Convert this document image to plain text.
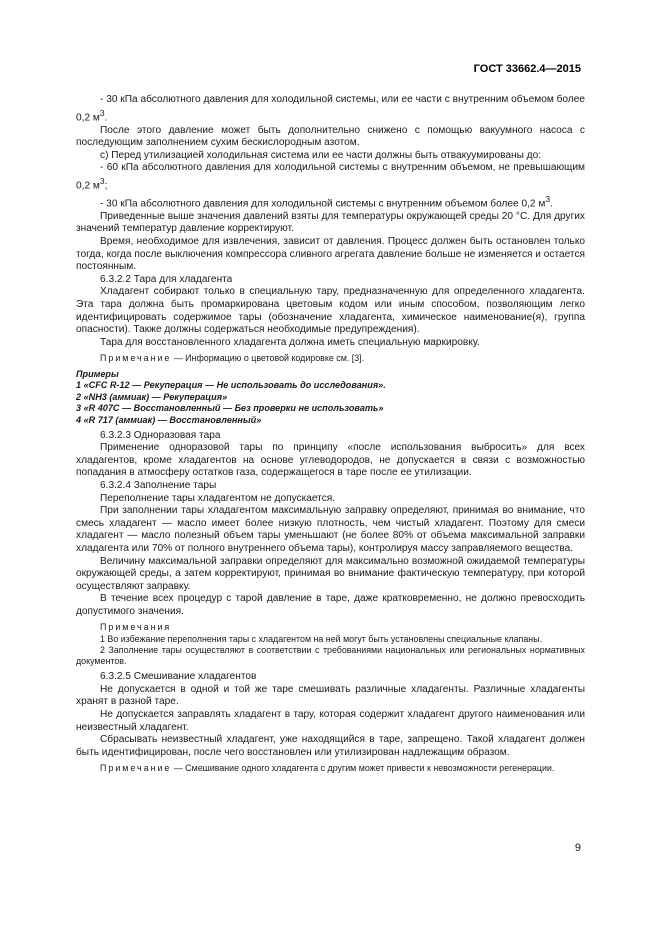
ГОСТ 33662.4—2015

- 30 кПа абсолютного давления для холодильной системы, или ее части с внутренним объемом более 0,2 $м^3$.

После этого давление может быть дополнительно снижено с помощью вакуумного насоса с последующим заполнением сухим бескислородным азотом.

с) Перед утилизацией холодильная система или ее части должны быть отвакуумированы до:

- 60 кПа абсолютного давления для холодильной системы с внутренним объемом, не превышающим 0,2 $м^3$;

- 30 кПа абсолютного давления для холодильной системы с внутренним объемом более 0,2 $м^3$.

Приведенные выше значения давлений взяты для температуры окружающей среды 20 °С. Для других значений температур давление корректируют.

Время, необходимое для извлечения, зависит от давления. Процесс должен быть остановлен только тогда, когда после выключения компрессора сливного агрегата давление больше не изменяется и остается постоянным.

6.3.2.2 Тара для хладагента

Хладагент собирают только в специальную тару, предназначенную для определенного хладагента. Эта тара должна быть промаркирована цветовым кодом или иным способом, позволяющим легко идентифицировать содержимое тары (обозначение хладагента, химическое наименование(я), группа опасности). Также должны содержаться необходимые предупреждения).

Тара для восстановленного хладагента должна иметь специальную маркировку.

Примечание — Информацию о цветовой кодировке см. [3].

Примеры
1 «CFC R-12 — Рекуперация — Не использовать до исследования».
2 «NH3 (аммиак) — Рекуперация»
3 «R 407C — Восстановленный — Без проверки не использовать»
4 «R 717 (аммиак) — Восстановленный»

6.3.2.3 Одноразовая тара

Применение одноразовой тары по принципу «после использования выбросить» для всех хладагентов, кроме хладагентов на основе углеводородов, не допускается в связи с возможностью попадания в атмосферу остатков газа, содержащегося в таре после ее утилизации.

6.3.2.4 Заполнение тары

Переполнение тары хладагентом не допускается.

При заполнении тары хладагентом максимальную заправку определяют, принимая во внимание, что смесь хладагент — масло имеет более низкую плотность, чем чистый хладагент. Поэтому для смеси хладагент — масло полезный объем тары уменьшают (не более 80% от объема максимальной заправки хладагента или 70% от полного внутреннего объема тары), контролируя массу заправляемого вещества.

Величину максимальной заправки определяют для максимально возможной ожидаемой температуры окружающей среды, а затем корректируют, принимая во внимание фактическую температуру, при которой осуществляют заправку.

В течение всех процедур с тарой давление в таре, даже кратковременно, не должно превосходить допустимого значения.

Примечания

1 Во избежание переполнения тары с хладагентом на ней могут быть установлены специальные клапаны.

2 Заполнение тары осуществляют в соответствии с требованиями национальных или региональных нормативных документов.

6.3.2.5 Смешивание хладагентов

Не допускается в одной и той же таре смешивать различные хладагенты. Различные хладагенты хранят в разной таре.

Не допускается заправлять хладагент в тару, которая содержит хладагент другого наименования или неизвестный хладагент.

Сбрасывать неизвестный хладагент, уже находящийся в таре, запрещено. Такой хладагент должен быть идентифицирован, после чего восстановлен или утилизирован надлежащим образом.

Примечание — Смешивание одного хладагента с другим может привести к невозможности регенерации.

9
